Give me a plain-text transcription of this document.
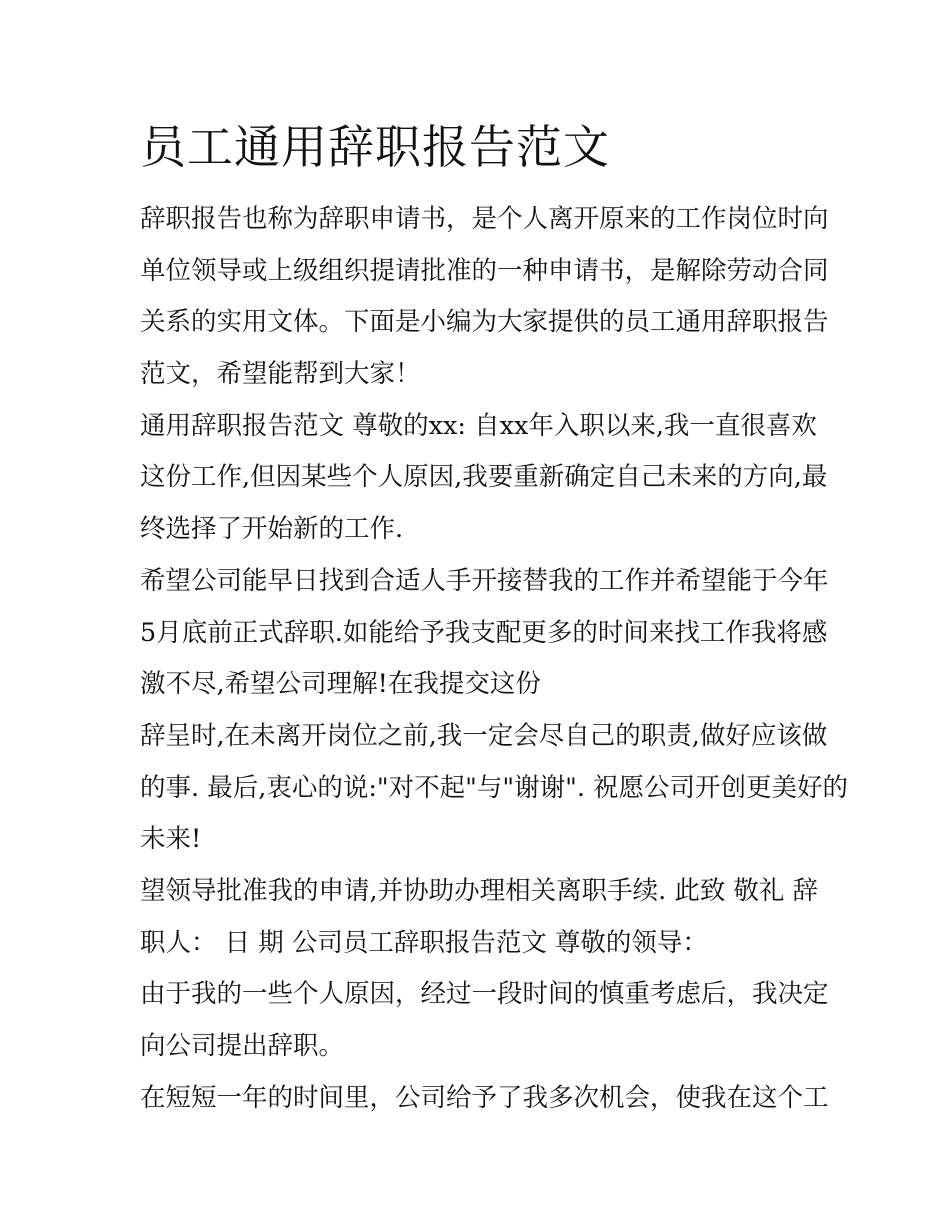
员工通用辞职报告范文
辞职报告也称为辞职申请书，是个人离开原来的工作岗位时向
单位领导或上级组织提请批准的一种申请书，是解除劳动合同
关系的实用文体。下面是小编为大家提供的员工通用辞职报告
范文，希望能帮到大家！
通用辞职报告范文 尊敬的xx: 自xx年入职以来,我一直很喜欢
这份工作,但因某些个人原因,我要重新确定自己未来的方向,最
终选择了开始新的工作.
希望公司能早日找到合适人手开接替我的工作并希望能于今年
5月底前正式辞职.如能给予我支配更多的时间来找工作我将感
激不尽,希望公司理解!在我提交这份
辞呈时,在未离开岗位之前,我一定会尽自己的职责,做好应该做
的事. 最后,衷心的说:"对不起"与"谢谢". 祝愿公司开创更美好的
未来!
望领导批准我的申请,并协助办理相关离职手续. 此致 敬礼 辞
职人： 日 期 公司员工辞职报告范文 尊敬的领导：
由于我的一些个人原因，经过一段时间的慎重考虑后，我决定
向公司提出辞职。
在短短一年的时间里，公司给予了我多次机会，使我在这个工
